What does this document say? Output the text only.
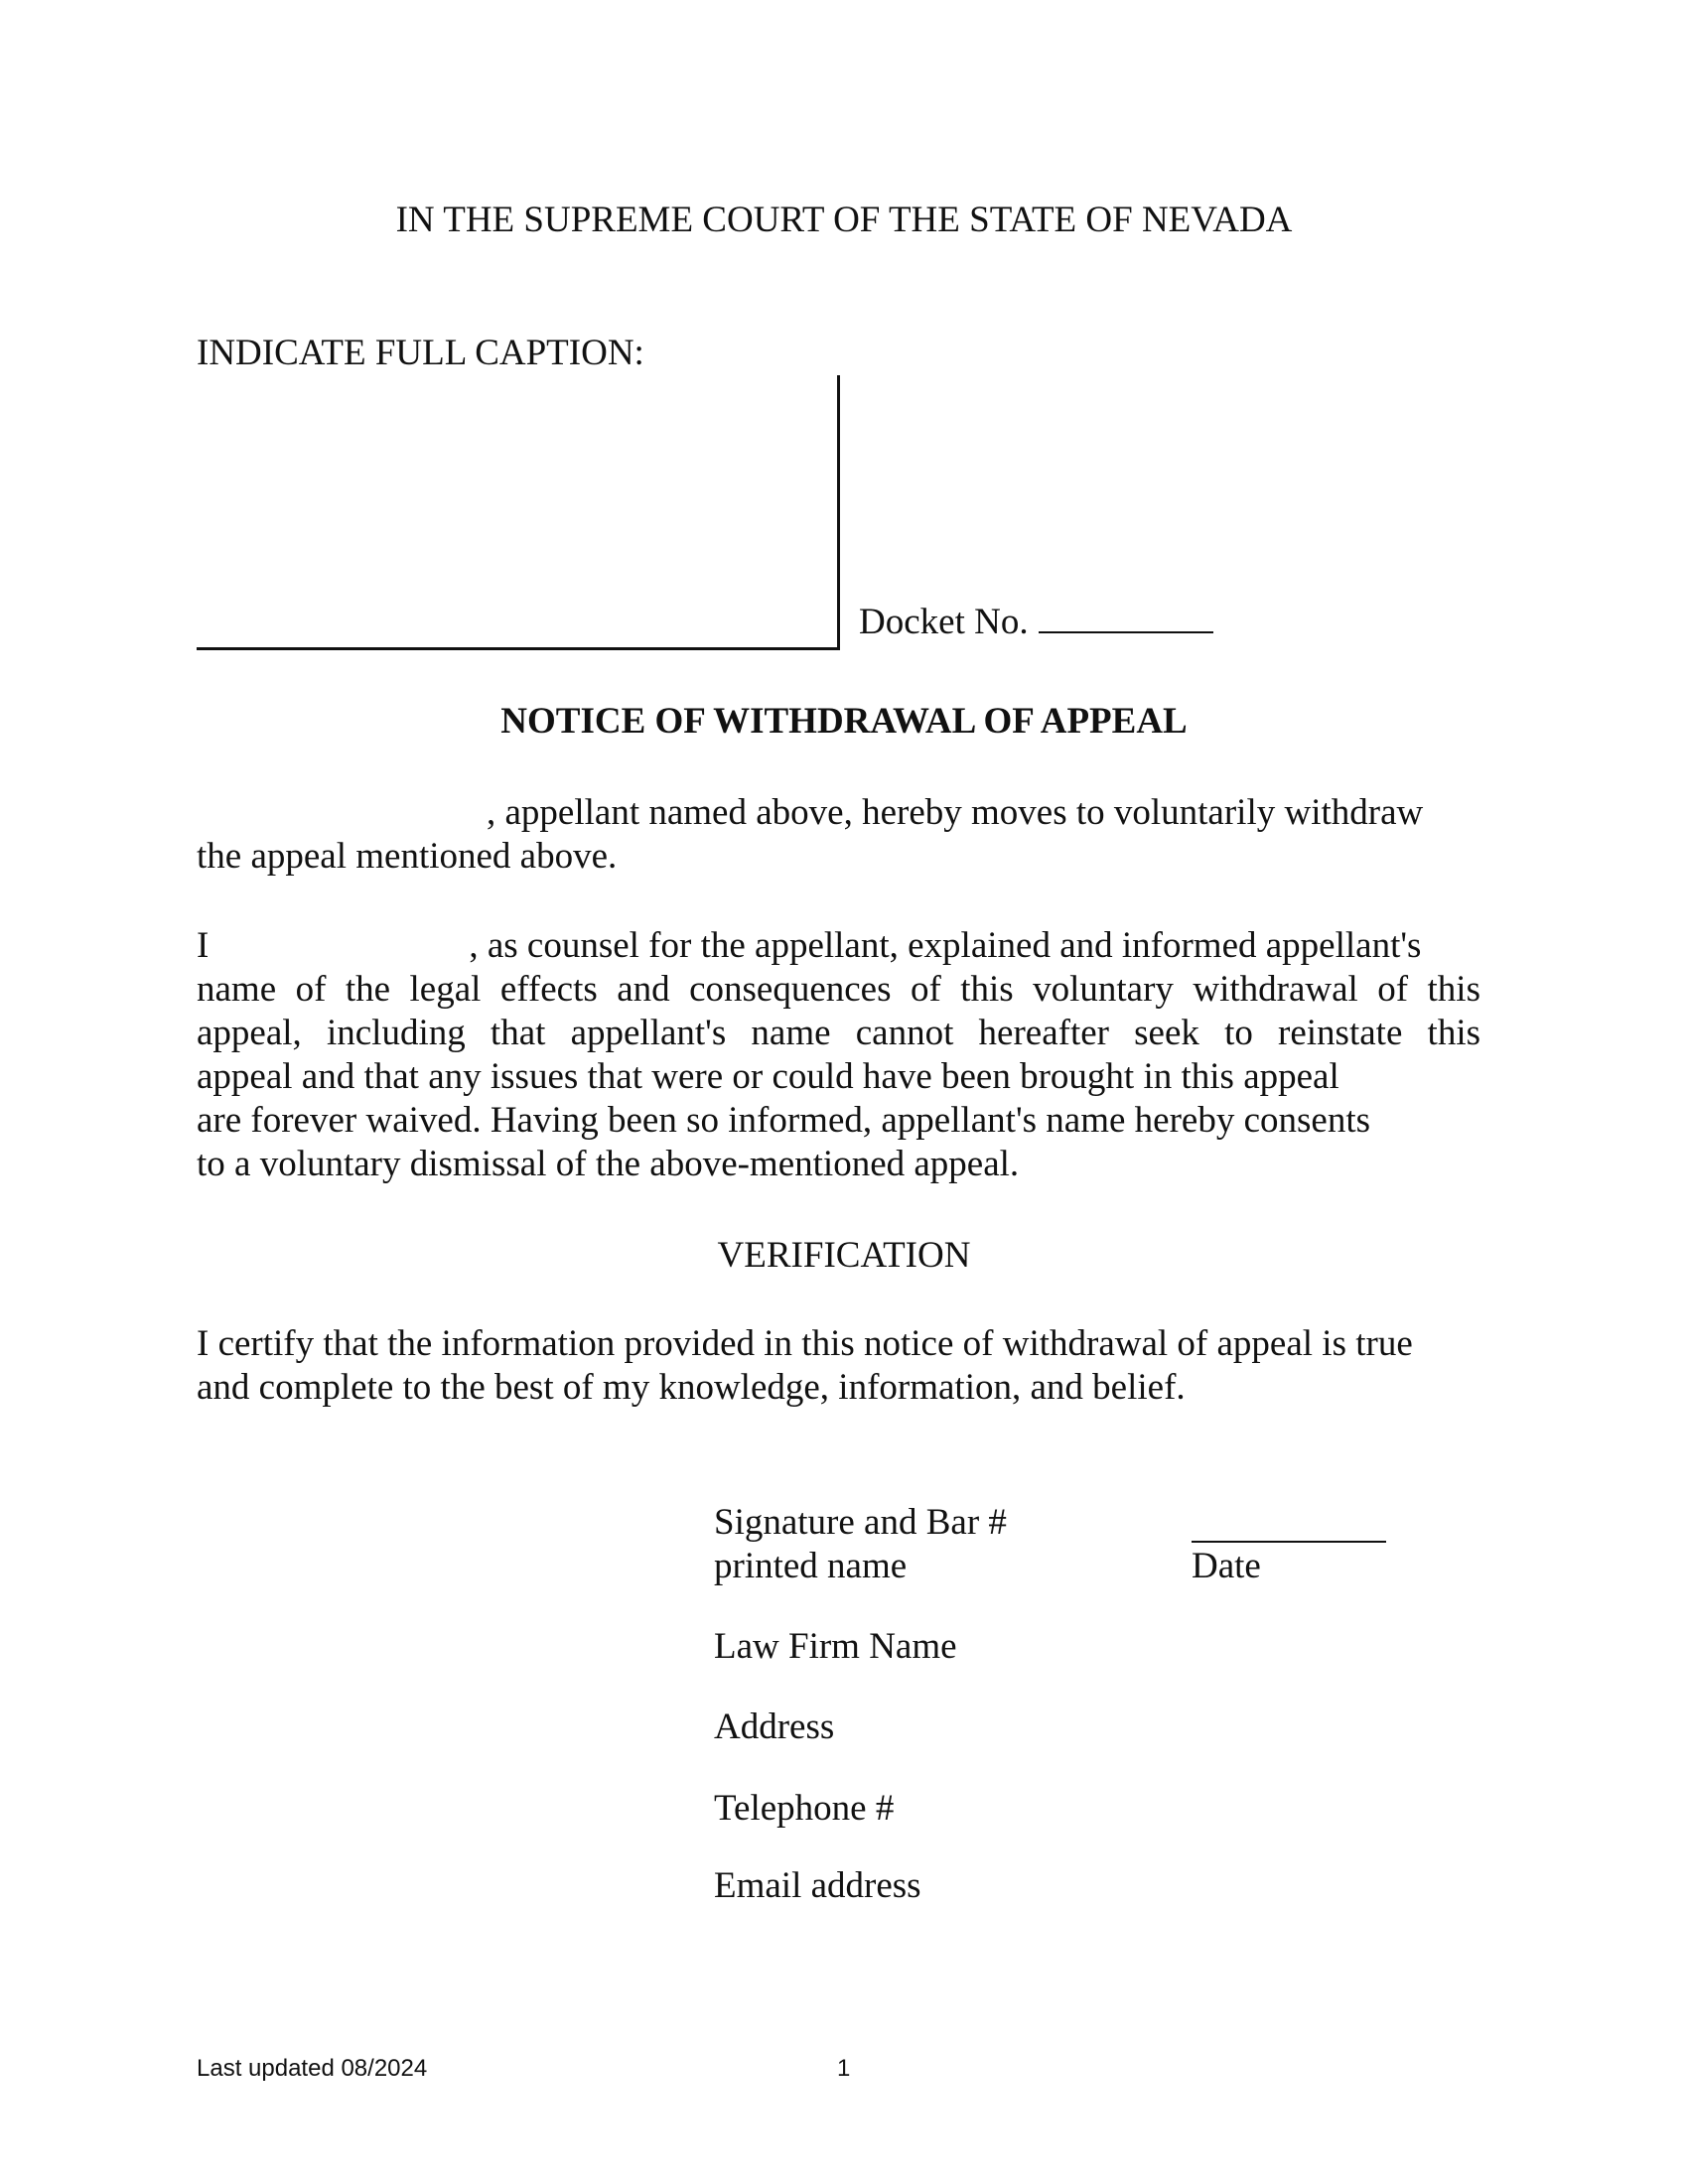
IN THE SUPREME COURT OF THE STATE OF NEVADA
INDICATE FULL CAPTION:
Docket No.
NOTICE OF WITHDRAWAL OF APPEAL
, appellant named above, hereby moves to voluntarily withdraw
the appeal mentioned above.
I	, as counsel for the appellant, explained and informed appellant's
name of the legal effects and consequences of this voluntary withdrawal of this
appeal, including that appellant's name cannot hereafter seek to reinstate this
appeal and that any issues that were or could have been brought in this appeal
are forever waived. Having been so informed, appellant's name hereby consents
to a voluntary dismissal of the above-mentioned appeal.
VERIFICATION
I certify that the information provided in this notice of withdrawal of appeal is true
and complete to the best of my knowledge, information, and belief.
Signature and Bar #
printed name	Date
Law Firm Name
Address
Telephone #
Email address
Last updated 08/2024	1
